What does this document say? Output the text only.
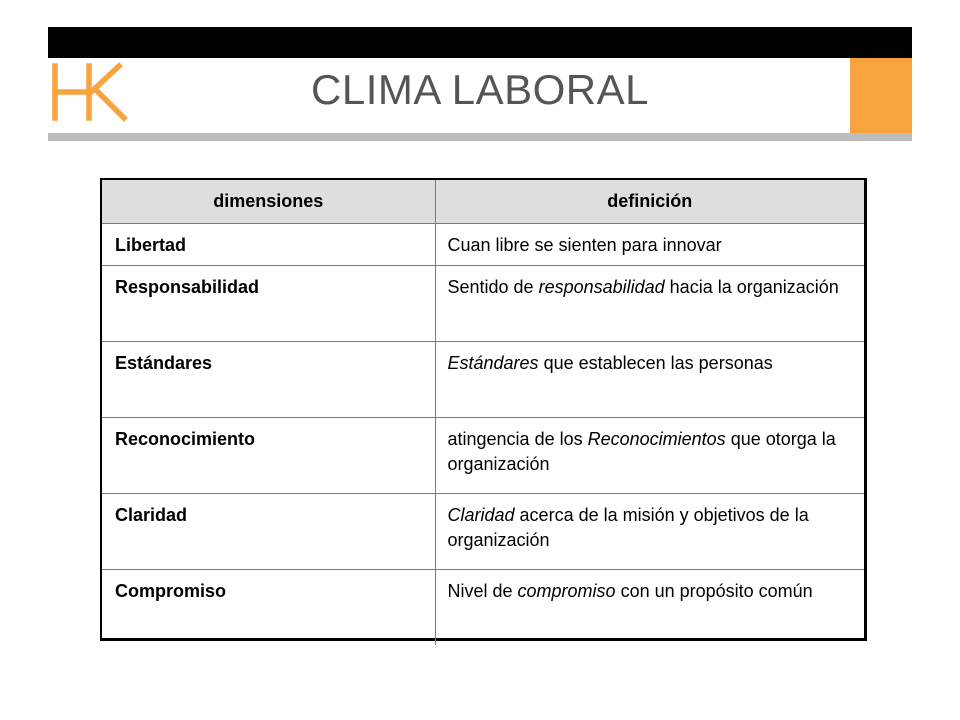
CLIMA LABORAL
dimensiones	definición
Libertad	Cuan libre se sienten para innovar
Responsabilidad	Sentido de responsabilidad hacia la organización
Estándares	Estándares que establecen las personas
Reconocimiento	atingencia de los Reconocimientos que otorga la organización
Claridad	Claridad acerca de la misión y objetivos de la organización
Compromiso	Nivel de compromiso con un propósito común
